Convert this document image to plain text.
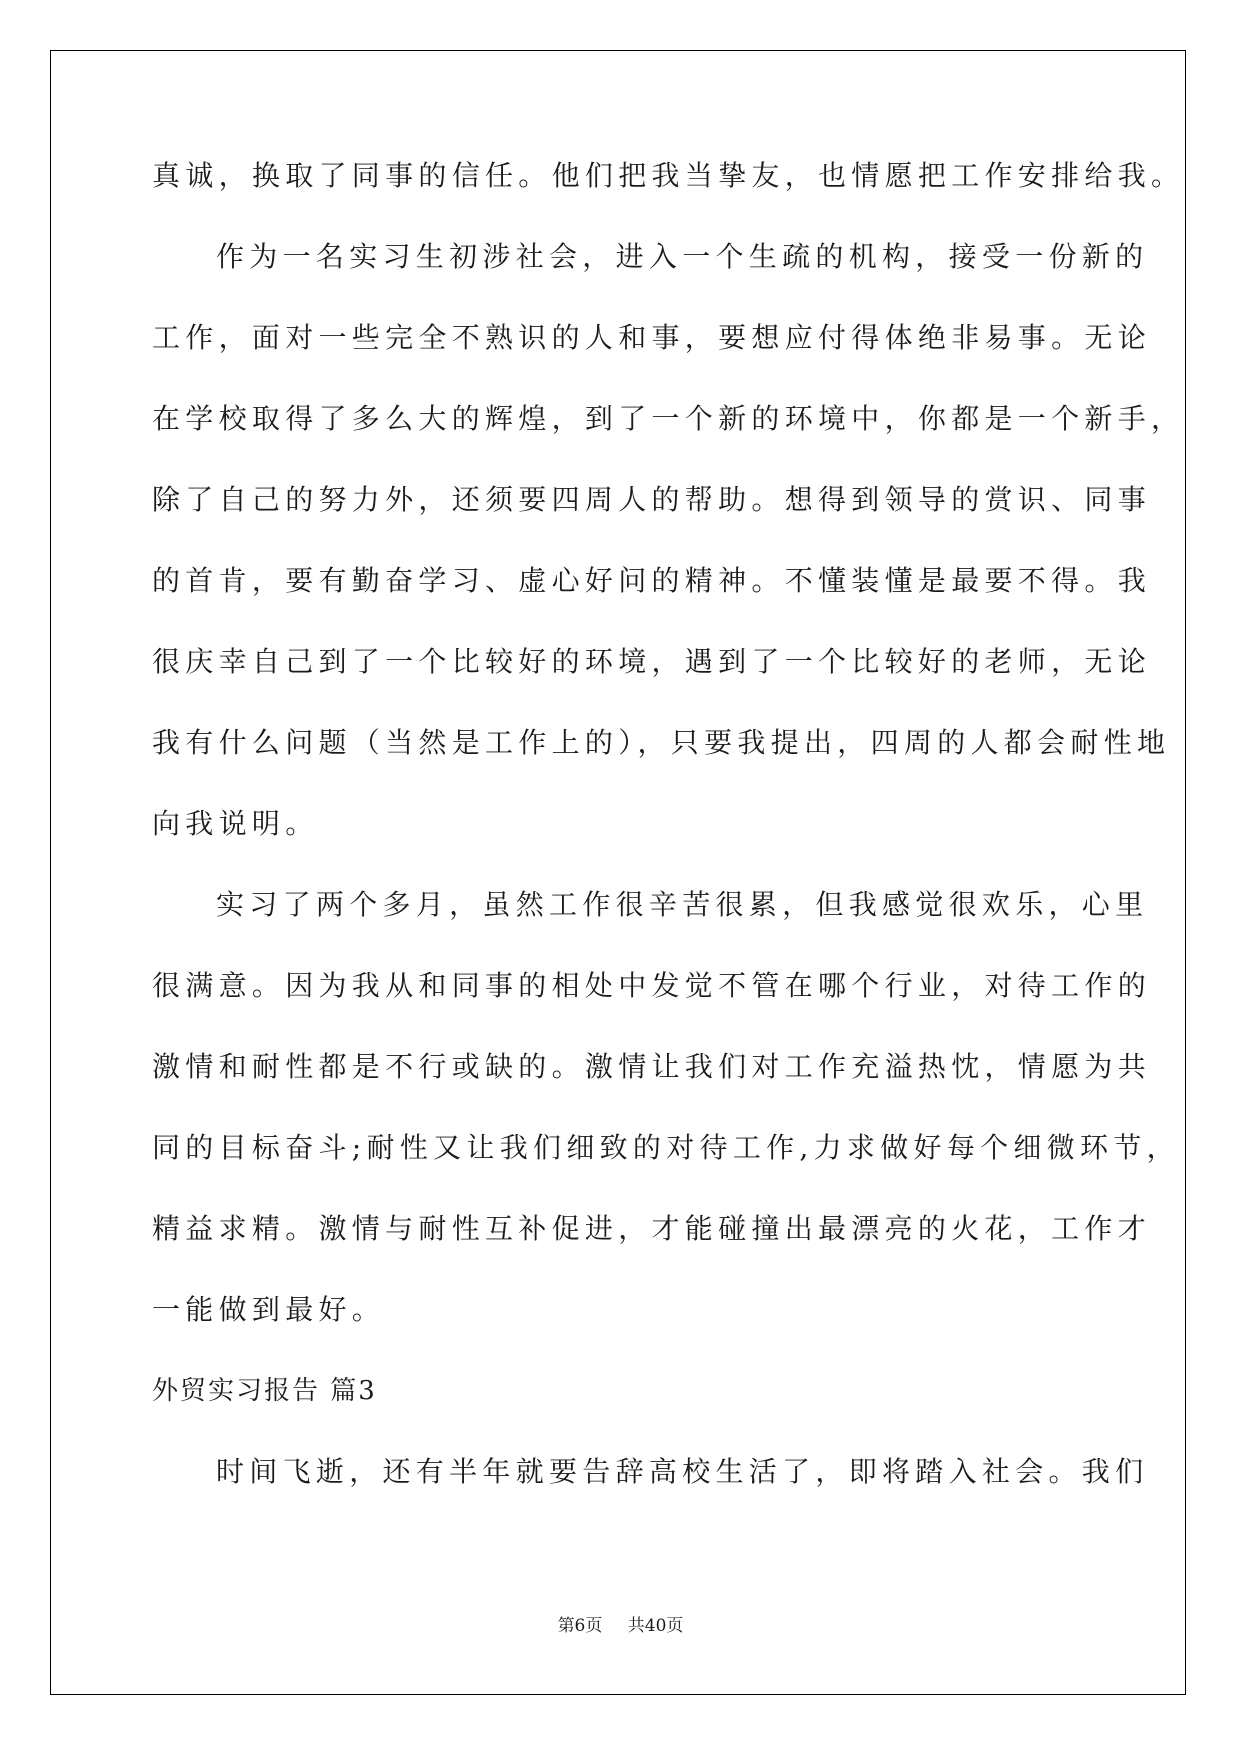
真诚，换取了同事的信任。他们把我当挚友，也情愿把工作安排给我。
作为一名实习生初涉社会，进入一个生疏的机构，接受一份新的
工作，面对一些完全不熟识的人和事，要想应付得体绝非易事。无论
在学校取得了多么大的辉煌，到了一个新的环境中，你都是一个新手，
除了自己的努力外，还须要四周人的帮助。想得到领导的赏识、同事
的首肯，要有勤奋学习、虚心好问的精神。不懂装懂是最要不得。我
很庆幸自己到了一个比较好的环境，遇到了一个比较好的老师，无论
我有什么问题（当然是工作上的），只要我提出，四周的人都会耐性地
向我说明。
实习了两个多月，虽然工作很辛苦很累，但我感觉很欢乐，心里
很满意。因为我从和同事的相处中发觉不管在哪个行业，对待工作的
激情和耐性都是不行或缺的。激情让我们对工作充溢热忱，情愿为共
同的目标奋斗;耐性又让我们细致的对待工作,力求做好每个细微环节，
精益求精。激情与耐性互补促进，才能碰撞出最漂亮的火花，工作才
一能做到最好。
外贸实习报告 篇3
时间飞逝，还有半年就要告辞高校生活了，即将踏入社会。我们
第6页 共40页
